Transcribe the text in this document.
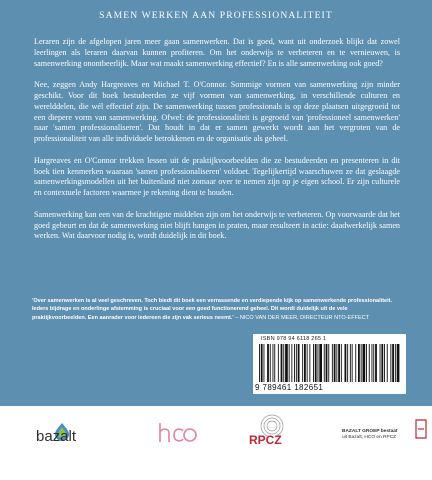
SAMEN WERKEN AAN PROFESSIONALITEIT

Leraren zijn de afgelopen jaren meer gaan samenwerken. Dat is goed, want uit onderzoek blijkt dat zowel leerlingen als leraren daarvan kunnen profiteren. Om het onderwijs te verbeteren en te vernieuwen, is samenwerking onontbeerlijk. Maar wat maakt samenwerking effectief? En is alle samenwerking ook goed?

Nee, zeggen Andy Hargreaves en Michael T. O'Connor. Sommige vormen van samenwerking zijn minder geschikt. Voor dit boek bestudeerden ze vijf vormen van samenwerking, in verschillende culturen en werelddelen, die wél effectief zijn. De samenwerking tussen professionals is op deze plaatsen uitgegroeid tot een diepere vorm van samenwerking. Ofwel: de professionaliteit is gegroeid van 'professioneel samenwerken' naar 'samen professionaliseren'. Dat houdt in dat er samen gewerkt wordt aan het vergroten van de professionaliteit van alle individuele betrokkenen en de organisatie als geheel.

Hargreaves en O'Connor trekken lessen uit de praktijkvoorbeelden die ze bestudeerden en presenteren in dit boek tien kenmerken waaraan 'samen professionaliseren' voldoet. Tegelijkertijd waarschuwen ze dat geslaagde samenwerkingsmodellen uit het buitenland niet zomaar over te nemen zijn op je eigen school. Er zijn culturele en contextuele factoren waarmee je rekening dient te houden.

Samenwerking kan een van de krachtigste middelen zijn om het onderwijs te verbeteren. Op voorwaarde dat het goed gebeurt en dat de samenwerking niet blijft hangen in praten, maar resulteert in actie: daadwerkelijk samen werken. Wat daarvoor nodig is, wordt duidelijk in dit boek.

'Over samenwerken is al veel geschreven. Toch biedt dit boek een verrassende en verdiepende kijk op samenwerkende professionaliteit. Ieders bijdrage en onderlinge afstemming is cruciaal voor een goed functionerend geheel. Dit wordt duidelijk uit de vele praktijkvoorbeelden. Een aanrader voor iedereen die zijn vak serieus neemt.' – NICO VAN DER MEER, DIRECTEUR NTO-EFFECT
ISBN 978 94 6118 265 1
9 789461 182651
bazalt	RPCZ
BAZALT GROEP bestaat
uit Bazalt, HCO en RPCZ
